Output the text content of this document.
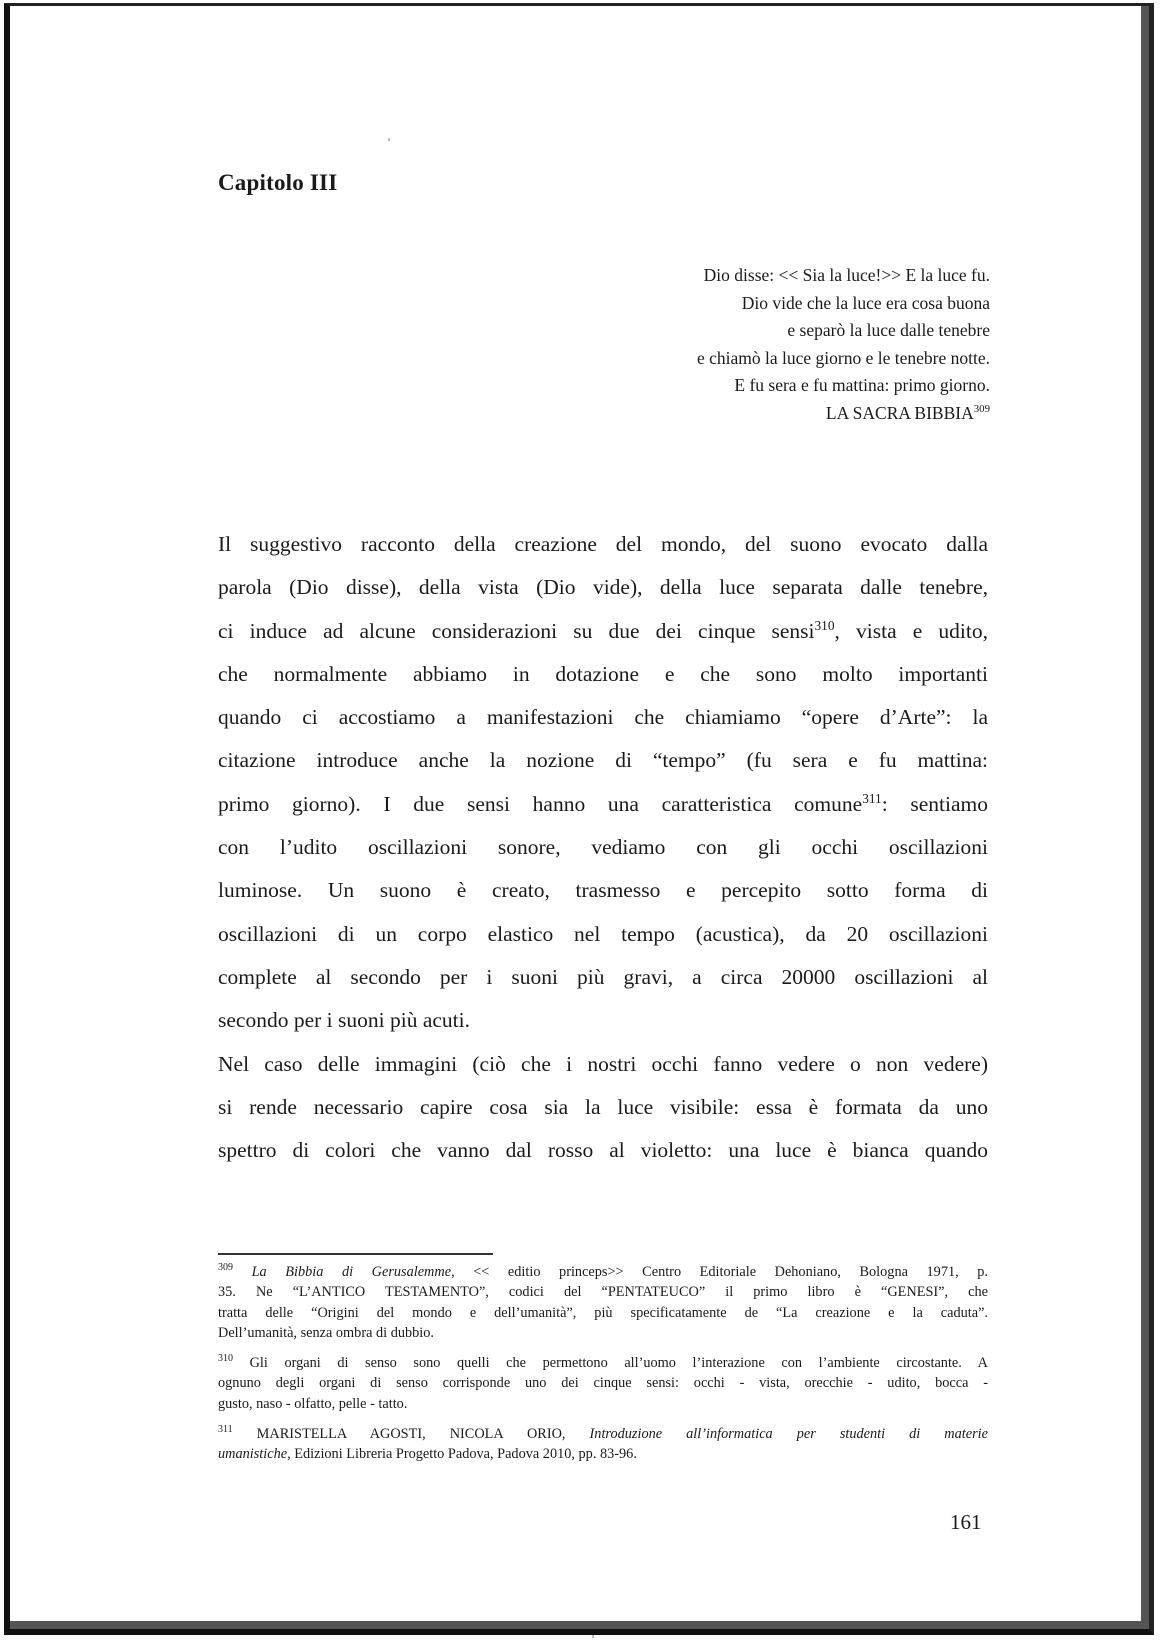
Capitolo III
Dio disse: << Sia la luce!>> E la luce fu.
Dio vide che la luce era cosa buona
e separò la luce dalle tenebre
e chiamò la luce giorno e le tenebre notte.
E fu sera e fu mattina: primo giorno.
LA SACRA BIBBIA$^{309}$
Il suggestivo racconto della creazione del mondo, del suono evocato dalla
parola (Dio disse), della vista (Dio vide), della luce separata dalle tenebre,
ci induce ad alcune considerazioni su due dei cinque sensi$^{310}$, vista e udito,
che normalmente abbiamo in dotazione e che sono molto importanti
quando ci accostiamo a manifestazioni che chiamiamo “opere d’Arte”: la
citazione introduce anche la nozione di “tempo” (fu sera e fu mattina:
primo giorno). I due sensi hanno una caratteristica comune$^{311}$: sentiamo
con l’udito oscillazioni sonore, vediamo con gli occhi oscillazioni
luminose. Un suono è creato, trasmesso e percepito sotto forma di
oscillazioni di un corpo elastico nel tempo (acustica), da 20 oscillazioni
complete al secondo per i suoni più gravi, a circa 20000 oscillazioni al
secondo per i suoni più acuti.
Nel caso delle immagini (ciò che i nostri occhi fanno vedere o non vedere)
si rende necessario capire cosa sia la luce visibile: essa è formata da uno
spettro di colori che vanno dal rosso al violetto: una luce è bianca quando
$^{309}$ La Bibbia di Gerusalemme, << editio princeps>> Centro Editoriale Dehoniano, Bologna 1971, p.
35. Ne “L’ANTICO TESTAMENTO”, codici del “PENTATEUCO” il primo libro è “GENESI”, che
tratta delle “Origini del mondo e dell’umanità”, più specificatamente de “La creazione e la caduta”.
Dell’umanità, senza ombra di dubbio.
$^{310}$ Gli organi di senso sono quelli che permettono all’uomo l’interazione con l’ambiente circostante. A
ognuno degli organi di senso corrisponde uno dei cinque sensi: occhi - vista, orecchie - udito, bocca -
gusto, naso - olfatto, pelle - tatto.
$^{311}$ MARISTELLA AGOSTI, NICOLA ORIO, Introduzione all’informatica per studenti di materie
umanistiche, Edizioni Libreria Progetto Padova, Padova 2010, pp. 83-96.
161
